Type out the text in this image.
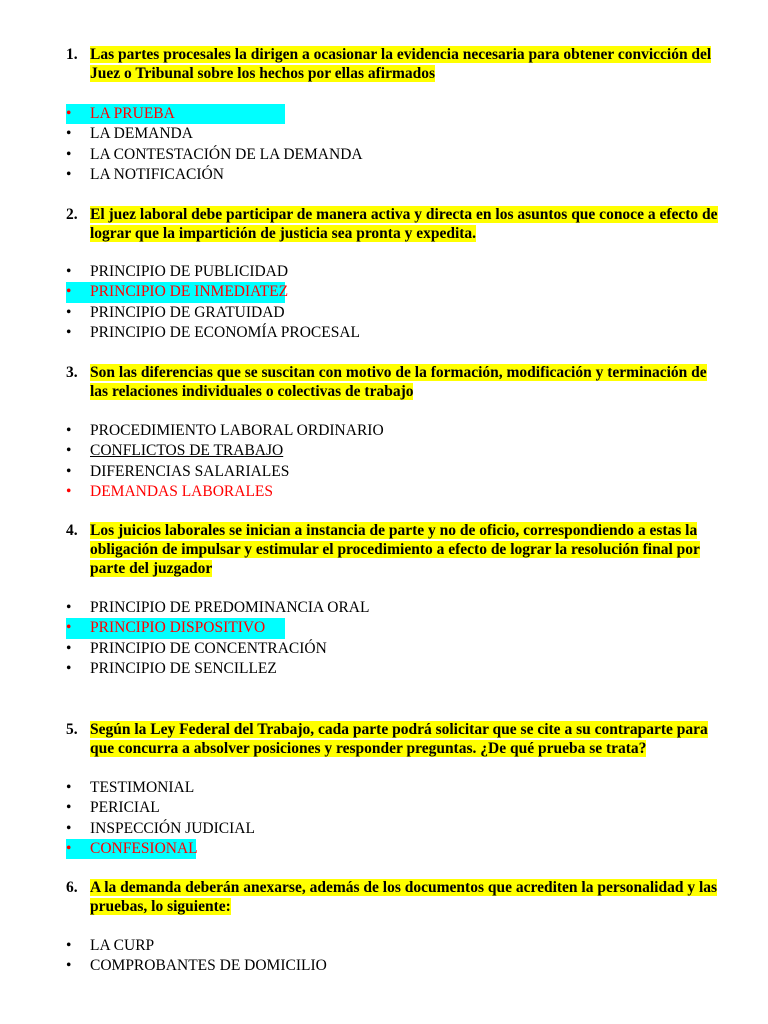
1. Las partes procesales la dirigen a ocasionar la evidencia necesaria para obtener convicción del Juez o Tribunal sobre los hechos por ellas afirmados
•	LA PRUEBA
•	LA DEMANDA
•	LA CONTESTACIÓN DE LA DEMANDA
•	LA NOTIFICACIÓN
2. El juez laboral debe participar de manera activa y directa en los asuntos que conoce a efecto de lograr que la impartición de justicia sea pronta y expedita.
•	PRINCIPIO DE PUBLICIDAD
•	PRINCIPIO DE INMEDIATEZ
•	PRINCIPIO DE GRATUIDAD
•	PRINCIPIO DE ECONOMÍA PROCESAL
3. Son las diferencias que se suscitan con motivo de la formación, modificación y terminación de las relaciones individuales o colectivas de trabajo
•	PROCEDIMIENTO LABORAL ORDINARIO
•	CONFLICTOS DE TRABAJO
•	DIFERENCIAS SALARIALES
•	DEMANDAS LABORALES
4. Los juicios laborales se inician a instancia de parte y no de oficio, correspondiendo a estas la obligación de impulsar y estimular el procedimiento a efecto de lograr la resolución final por parte del juzgador
•	PRINCIPIO DE PREDOMINANCIA ORAL
•	PRINCIPIO DISPOSITIVO
•	PRINCIPIO DE CONCENTRACIÓN
•	PRINCIPIO DE SENCILLEZ
5. Según la Ley Federal del Trabajo, cada parte podrá solicitar que se cite a su contraparte para que concurra a absolver posiciones y responder preguntas. ¿De qué prueba se trata?
•	TESTIMONIAL
•	PERICIAL
•	INSPECCIÓN JUDICIAL
•	CONFESIONAL
6. A la demanda deberán anexarse, además de los documentos que acrediten la personalidad y las pruebas, lo siguiente:
•	LA CURP
•	COMPROBANTES DE DOMICILIO
